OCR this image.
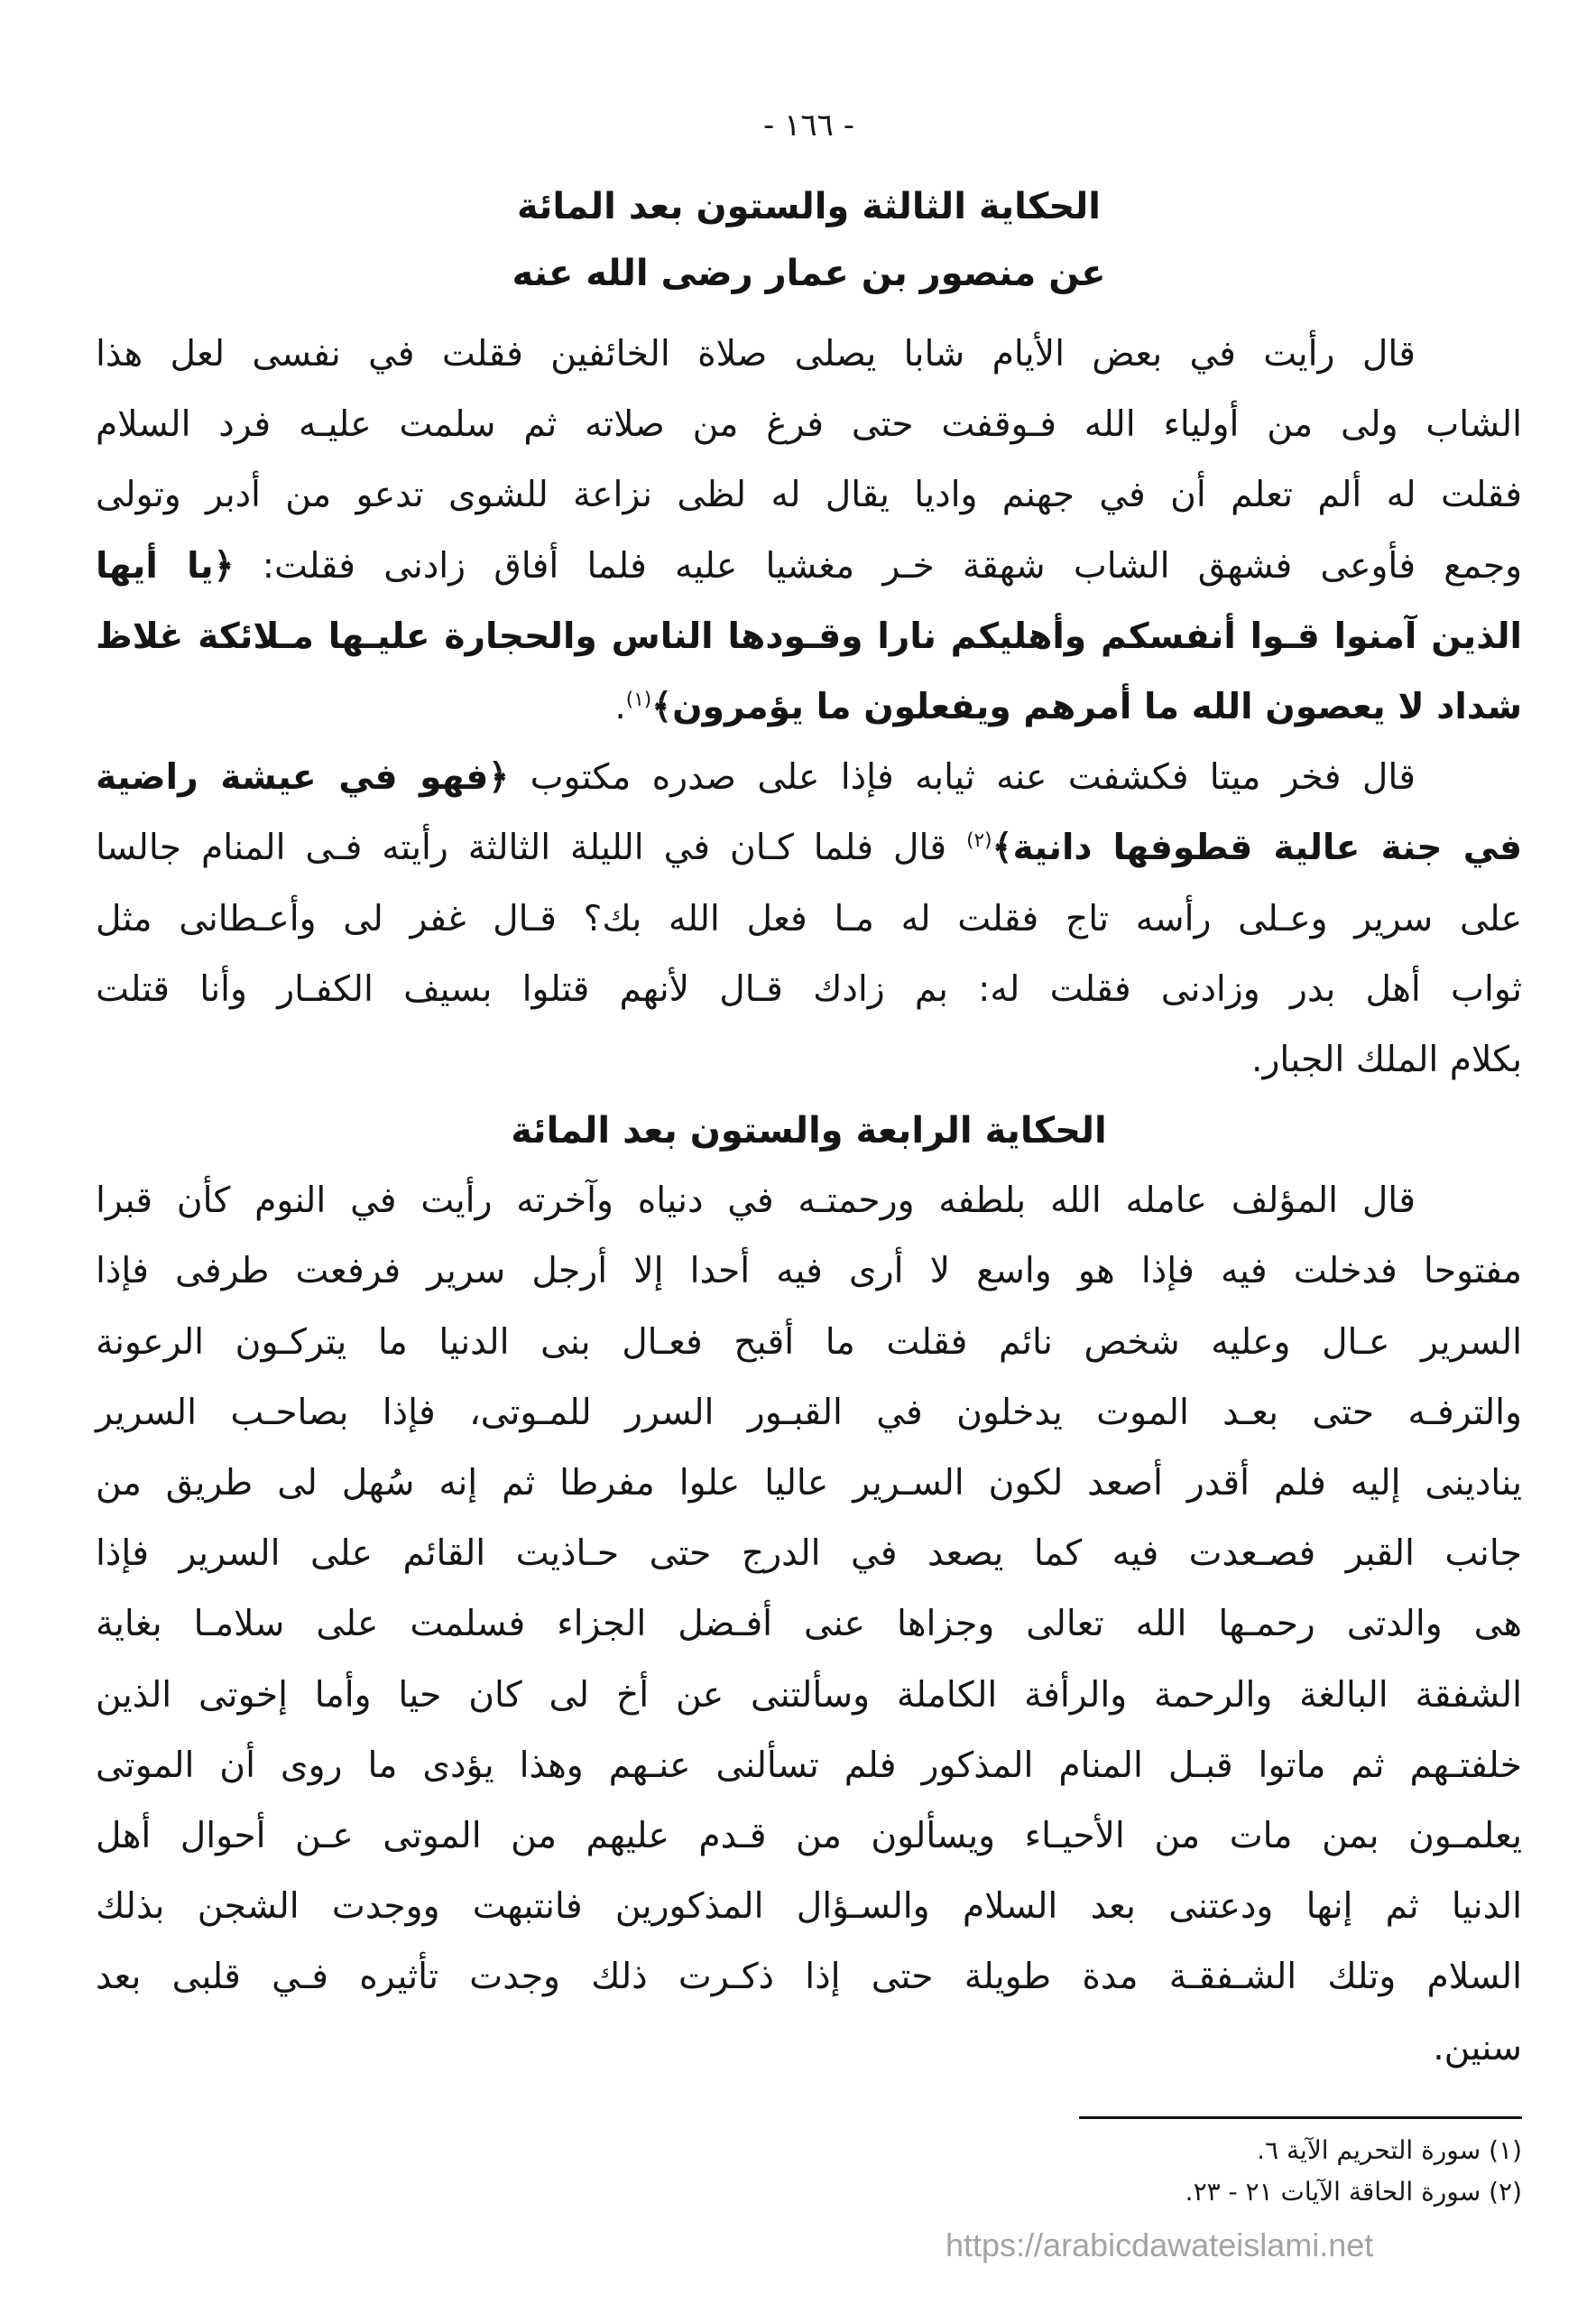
- ١٦٦ -
الحكاية الثالثة والستون بعد المائة
عن منصور بن عمار رضى الله عنه
قال رأيت في بعض الأيام شابا يصلى صلاة الخائفين فقلت في نفسى لعل هذا
الشاب ولى من أولياء الله فـوقفت حتى فرغ من صلاته ثم سلمت عليـه فرد السلام
فقلت له ألم تعلم أن في جهنم واديا يقال له لظى نزاعة للشوى تدعو من أدبر وتولى
وجمع فأوعى فشهق الشاب شهقة خـر مغشيا عليه فلما أفاق زادنى فقلت: ﴿يا أيها
الذين آمنوا قـوا أنفسكم وأهليكم نارا وقـودها الناس والحجارة عليـها مـلائكة غلاظ
شداد لا يعصون الله ما أمرهم ويفعلون ما يؤمرون﴾$^{(١)}$.
قال فخر ميتا فكشفت عنه ثيابه فإذا على صدره مكتوب ﴿فهو في عيشة راضية
في جنة عالية قطوفها دانية﴾$^{(٢)}$ قال فلما كـان في الليلة الثالثة رأيته فـى المنام جالسا
على سرير وعـلى رأسه تاج فقلت له مـا فعل الله بك؟ قـال غفر لى وأعـطانى مثل
ثواب أهل بدر وزادنى فقلت له: بم زادك قـال لأنهم قتلوا بسيف الكفـار وأنا قتلت
بكلام الملك الجبار.
الحكاية الرابعة والستون بعد المائة
قال المؤلف عامله الله بلطفه ورحمتـه في دنياه وآخرته رأيت في النوم كأن قبرا
مفتوحا فدخلت فيه فإذا هو واسع لا أرى فيه أحدا إلا أرجل سرير فرفعت طرفى فإذا
السرير عـال وعليه شخص نائم فقلت ما أقبح فعـال بنى الدنيا ما يتركـون الرعونة
والترفـه حتى بعـد الموت يدخلون في القبـور السرر للمـوتى، فإذا بصاحـب السرير
ينادينى إليه فلم أقدر أصعد لكون السـرير عاليا علوا مفرطا ثم إنه سُهل لى طريق من
جانب القبر فصـعدت فيه كما يصعد في الدرج حتى حـاذيت القائم على السرير فإذا
هى والدتى رحمـها الله تعالى وجزاها عنى أفـضل الجزاء فسلمت على سلامـا بغاية
الشفقة البالغة والرحمة والرأفة الكاملة وسألتنى عن أخ لى كان حيا وأما إخوتى الذين
خلفتـهم ثم ماتوا قبـل المنام المذكور فلم تسألنى عنـهم وهذا يؤدى ما روى أن الموتى
يعلمـون بمن مات من الأحيـاء ويسألون من قـدم عليهم من الموتى عـن أحوال أهل
الدنيا ثم إنها ودعتنى بعد السلام والسـؤال المذكورين فانتبهت ووجدت الشجن بذلك
السلام وتلك الشـفقـة مدة طويلة حتى إذا ذكـرت ذلك وجدت تأثيره فـي قلبى بعد
سنين.
(١) سورة التحريم الآية ٦.
(٢) سورة الحاقة الآيات ٢١ - ٢٣.
https://arabicdawateislami.net
